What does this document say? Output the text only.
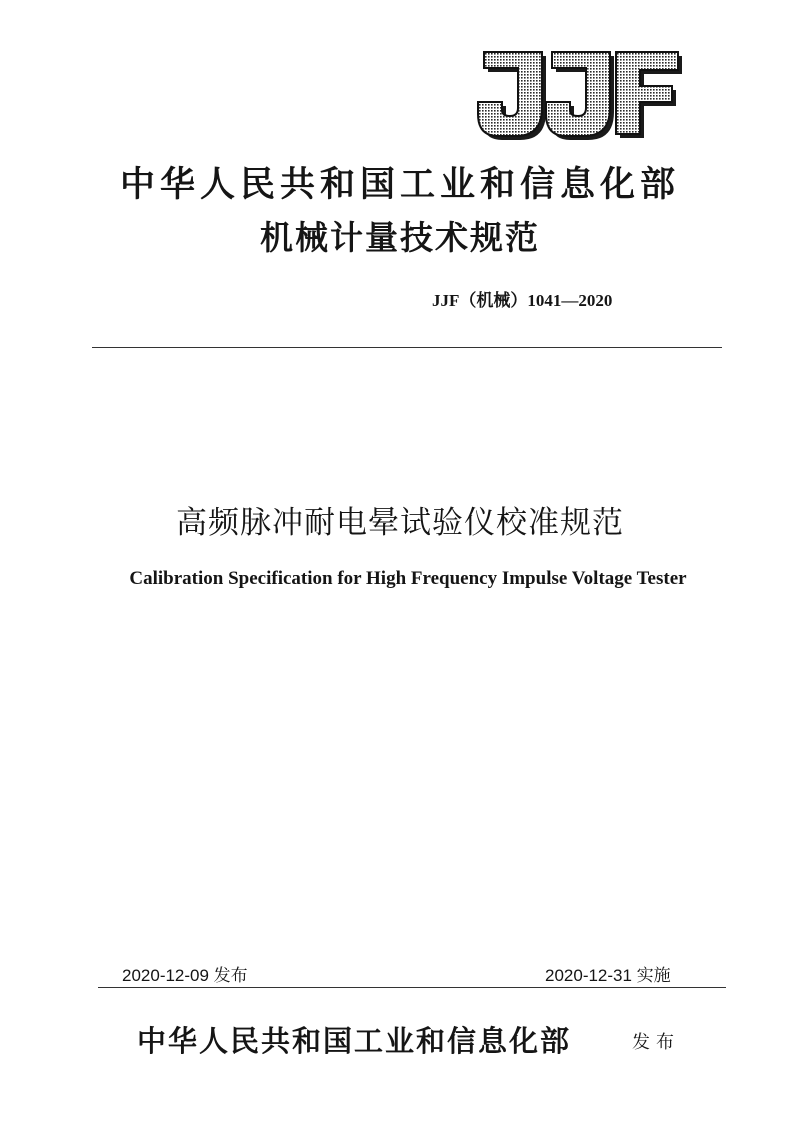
中华人民共和国工业和信息化部
机械计量技术规范
JJF（机械）1041—2020
高频脉冲耐电晕试验仪校准规范
Calibration Specification for High Frequency Impulse Voltage Tester
2020-12-09 发布	2020-12-31 实施
中华人民共和国工业和信息化部	发布
